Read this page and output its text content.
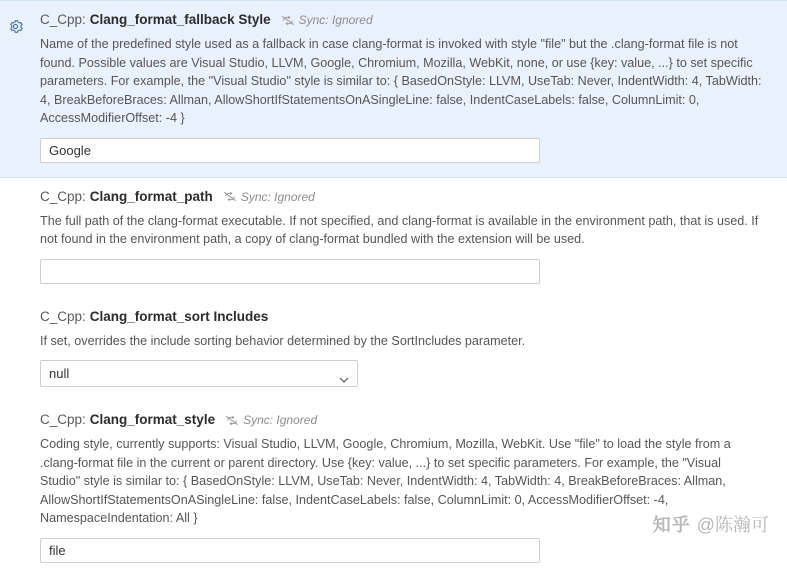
C_Cpp: Clang_format_fallback Style Sync: Ignored

Name of the predefined style used as a fallback in case clang-format is invoked with style "file" but the .clang-format file is not found. Possible values are Visual Studio, LLVM, Google, Chromium, Mozilla, WebKit, none, or use {key: value, ...} to set specific parameters. For example, the "Visual Studio" style is similar to: { BasedOnStyle: LLVM, UseTab: Never, IndentWidth: 4, TabWidth: 4, BreakBeforeBraces: Allman, AllowShortIfStatementsOnASingleLine: false, IndentCaseLabels: false, ColumnLimit: 0, AccessModifierOffset: -4 }

Google
C_Cpp: Clang_format_path Sync: Ignored

The full path of the clang-format executable. If not specified, and clang-format is available in the environment path, that is used. If not found in the environment path, a copy of clang-format bundled with the extension will be used.

C_Cpp: Clang_format_sort Includes

If set, overrides the include sorting behavior determined by the SortIncludes parameter.

null
C_Cpp: Clang_format_style Sync: Ignored

Coding style, currently supports: Visual Studio, LLVM, Google, Chromium, Mozilla, WebKit. Use "file" to load the style from a .clang-format file in the current or parent directory. Use {key: value, ...} to set specific parameters. For example, the "Visual Studio" style is similar to: { BasedOnStyle: LLVM, UseTab: Never, IndentWidth: 4, TabWidth: 4, BreakBeforeBraces: Allman, AllowShortIfStatementsOnASingleLine: false, IndentCaseLabels: false, ColumnLimit: 0, AccessModifierOffset: -4, NamespaceIndentation: All }

file	知乎 @陈瀚可
